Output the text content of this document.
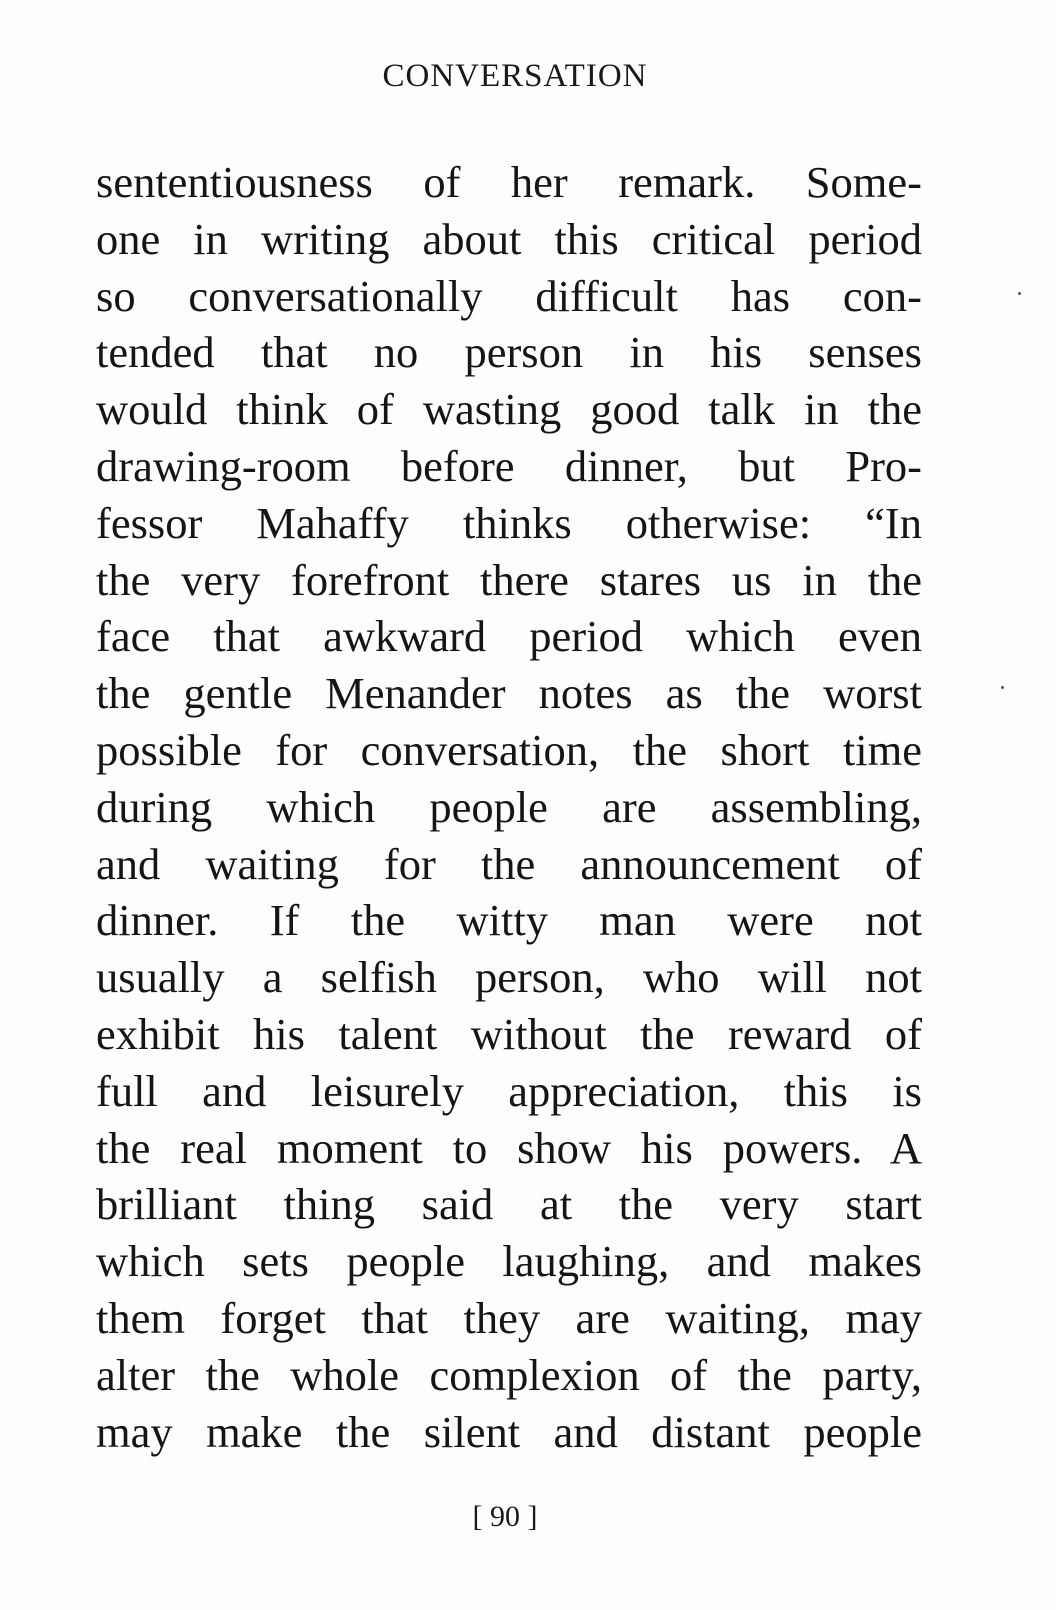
CONVERSATION
sententiousness of her remark. Some-
one in writing about this critical period
so conversationally difficult has con-
tended that no person in his senses
would think of wasting good talk in the
drawing-room before dinner, but Pro-
fessor Mahaffy thinks otherwise: “In
the very forefront there stares us in the
face that awkward period which even
the gentle Menander notes as the worst
possible for conversation, the short time
during which people are assembling,
and waiting for the announcement of
dinner. If the witty man were not
usually a selfish person, who will not
exhibit his talent without the reward of
full and leisurely appreciation, this is
the real moment to show his powers. A
brilliant thing said at the very start
which sets people laughing, and makes
them forget that they are waiting, may
alter the whole complexion of the party,
may make the silent and distant people
[ 90 ]
